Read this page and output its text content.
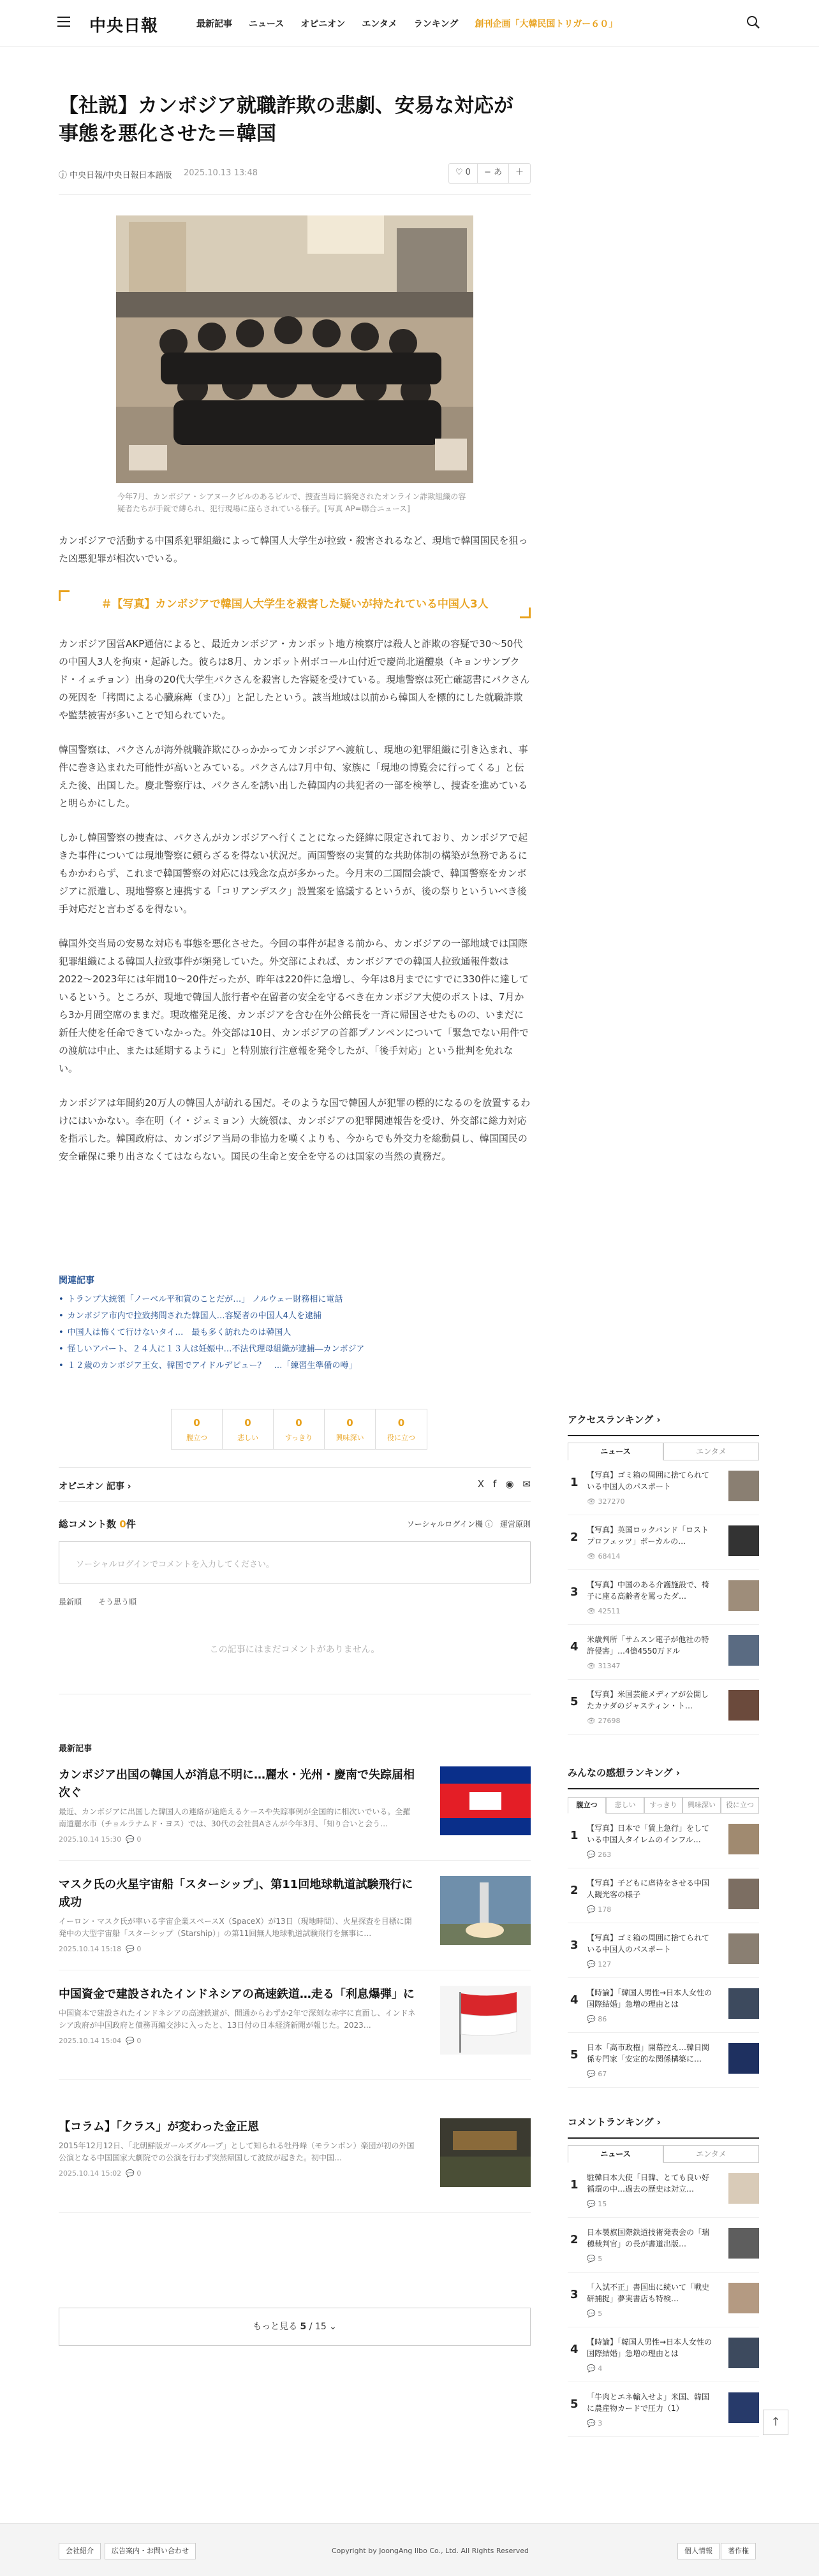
中央日報	最新記事 ニュース オピニオン エンタメ ランキング 創刊企画「大韓民国トリガー６０」
【社説】カンボジア就職詐欺の悲劇、安易な対応が事態を悪化させた＝韓国
ⓙ 中央日報/中央日報日本語版 2025.10.13 13:48	♡ 0	− あ	＋
今年7月、カンボジア・シアヌークビルのあるビルで、捜査当局に摘発されたオンライン詐欺組織の容疑者たちが手錠で縛られ、犯行現場に座らされている様子。[写真 AP=聯合ニュース]

カンボジアで活動する中国系犯罪組織によって韓国人大学生が拉致・殺害されるなど、現地で韓国国民を狙った凶悪犯罪が相次いでいる。

＃【写真】カンボジアで韓国人大学生を殺害した疑いが持たれている中国人3人

カンボジア国営AKP通信によると、最近カンボジア・カンポット地方検察庁は殺人と詐欺の容疑で30～50代の中国人3人を拘束・起訴した。彼らは8月、カンポット州ボコール山付近で慶尚北道醴泉（キョンサンブクド・イェチョン）出身の20代大学生パクさんを殺害した容疑を受けている。現地警察は死亡確認書にパクさんの死因を「拷問による心臓麻痺（まひ）」と記したという。該当地域は以前から韓国人を標的にした就職詐欺や監禁被害が多いことで知られていた。

韓国警察は、パクさんが海外就職詐欺にひっかかってカンボジアへ渡航し、現地の犯罪組織に引き込まれ、事件に巻き込まれた可能性が高いとみている。パクさんは7月中旬、家族に「現地の博覧会に行ってくる」と伝えた後、出国した。慶北警察庁は、パクさんを誘い出した韓国内の共犯者の一部を検挙し、捜査を進めていると明らかにした。

しかし韓国警察の捜査は、パクさんがカンボジアへ行くことになった経緯に限定されており、カンボジアで起きた事件については現地警察に頼らざるを得ない状況だ。両国警察の実質的な共助体制の構築が急務であるにもかかわらず、これまで韓国警察の対応には残念な点が多かった。今月末の二国間会談で、韓国警察をカンボジアに派遣し、現地警察と連携する「コリアンデスク」設置案を協議するというが、後の祭りといういべき後手対応だと言わざるを得ない。

韓国外交当局の安易な対応も事態を悪化させた。今回の事件が起きる前から、カンボジアの一部地域では国際犯罪組織による韓国人拉致事件が頻発していた。外交部によれば、カンボジアでの韓国人拉致通報件数は2022～2023年には年間10～20件だったが、昨年は220件に急増し、今年は8月までにすでに330件に達しているという。ところが、現地で韓国人旅行者や在留者の安全を守るべき在カンボジア大使のポストは、7月から3か月間空席のままだ。現政権発足後、カンボジアを含む在外公館長を一斉に帰国させたものの、いまだに新任大使を任命できていなかった。外交部は10日、カンボジアの首都プノンペンについて「緊急でない用件での渡航は中止、または延期するように」と特別旅行注意報を発令したが、「後手対応」という批判を免れない。

カンボジアは年間約20万人の韓国人が訪れる国だ。そのような国で韓国人が犯罪の標的になるのを放置するわけにはいかない。李在明（イ・ジェミョン）大統領は、カンボジアの犯罪関連報告を受け、外交部に総力対応を指示した。韓国政府は、カンボジア当局の非協力を嘆くよりも、今からでも外交力を総動員し、韓国国民の安全確保に乗り出さなくてはならない。国民の生命と安全を守るのは国家の当然の責務だ。

関連記事
• トランプ大統領「ノーベル平和賞のことだが…」 ノルウェー財務相に電話
• カンボジア市内で拉致拷問された韓国人…容疑者の中国人4人を逮捕
• 中国人は怖くて行けないタイ…　最も多く訪れたのは韓国人
• 怪しいアパート、２４人に１３人は妊娠中…不法代理母組織が逮捕―カンボジア
• １２歳のカンボジア王女、韓国でアイドルデビュー？　…「練習生準備の噂」
0
腹立つ
0
悲しい
0
すっきり
0
興味深い
0
役に立つ
オピニオン 記事 ›	X f ◉ ✉
総コメント数 0件	ソーシャルログイン機 ⓘ 運営原則
ソーシャルログインでコメントを入力してください。
最新順 そう思う順
この記事にはまだコメントがありません。
最新記事
カンボジア出国の韓国人が消息不明に…麗水・光州・慶南で失踪届相次ぐ
最近、カンボジアに出国した韓国人の連絡が途絶えるケースや失踪事例が全国的に相次いでいる。全羅南道麗水市（チョルラナムド・ヨス）では、30代の会社員Aさんが今年3月、「知り合いと会う…
2025.10.14 15:30  💬 0
マスク氏の火星宇宙船「スターシップ」、第11回地球軌道試験飛行に成功
イーロン・マスク氏が率いる宇宙企業スペースX（SpaceX）が13日（現地時間）、火星探査を目標に開発中の大型宇宙船「スターシップ（Starship）」の第11回無人地球軌道試験飛行を無事に…
2025.10.14 15:18  💬 0
中国資金で建設されたインドネシアの高速鉄道…走る「利息爆弾」に
中国資本で建設されたインドネシアの高速鉄道が、開通からわずか2年で深刻な赤字に直面し、インドネシア政府が中国政府と債務再編交渉に入ったと、13日付の日本経済新聞が報じた。2023…
2025.10.14 15:04  💬 0
【コラム】「クラス」が変わった金正恩
2015年12月12日、「北朝鮮版ガールズグループ」として知られる牡丹峰（モランボン）楽団が初の外国公演となる中国国家大劇院での公演を行わず突然帰国して波紋が起きた。初中国…
2025.10.14 15:02  💬 0
もっと見る 5 / 15 ⌄
アクセスランキング ›
ニュース	エンタメ
1
【写真】ゴミ箱の周囲に捨てられている中国人のパスポート
👁 327270
2
【写真】英国ロックバンド「ロストプロフェッツ」ボーカルの…
👁 68414
3
【写真】中国のある介護施設で、椅子に座る高齢者を罵ったダ…
👁 42511
4
米歳判所「サムスン電子が他社の特許侵害」…4億4550万ドル
👁 31347
5
【写真】米国芸能メディアが公開したカナダのジャスティン・ト…
👁 27698
みんなの感想ランキング ›
腹立つ	悲しい	すっきり	興味深い	役に立つ
1
【写真】日本で「賃上急行」をしている中国人タイレムのインフル…
💬 263
2
【写真】子どもに虐待をさせる中国人観光客の様子
💬 178
3
【写真】ゴミ箱の周囲に捨てられている中国人のパスポート
💬 127
4
【時論】「韓国人男性→日本人女性の国際結婚」急増の理由とは
💬 86
5
日本「高市政権」開幕控え…韓日関係专門家「安定的な関係構築に…
💬 67
コメントランキング ›
ニュース	エンタメ
1
駐韓日本大使「日韓、とても良い好循環の中…過去の歴史は対立…
💬 15
2
日本製旗国際鉄道技術発表会の「瑞穂裁判官」の長が書道出版…
💬 5
3
「入試不正」書国出に続いて「戦史研捕捉」夢実書店も特検…
💬 5
4
【時論】「韓国人男性→日本人女性の国際結婚」急増の理由とは
💬 4
5
「牛肉とエネ輸入せよ」米国、韓国に農産物カードで圧力（1）
💬 3	↑
会社紹介	広告案内・お問い合わせ	Copyright by JoongAng Ilbo Co., Ltd. All Rights Reserved	個人情報	著作権
